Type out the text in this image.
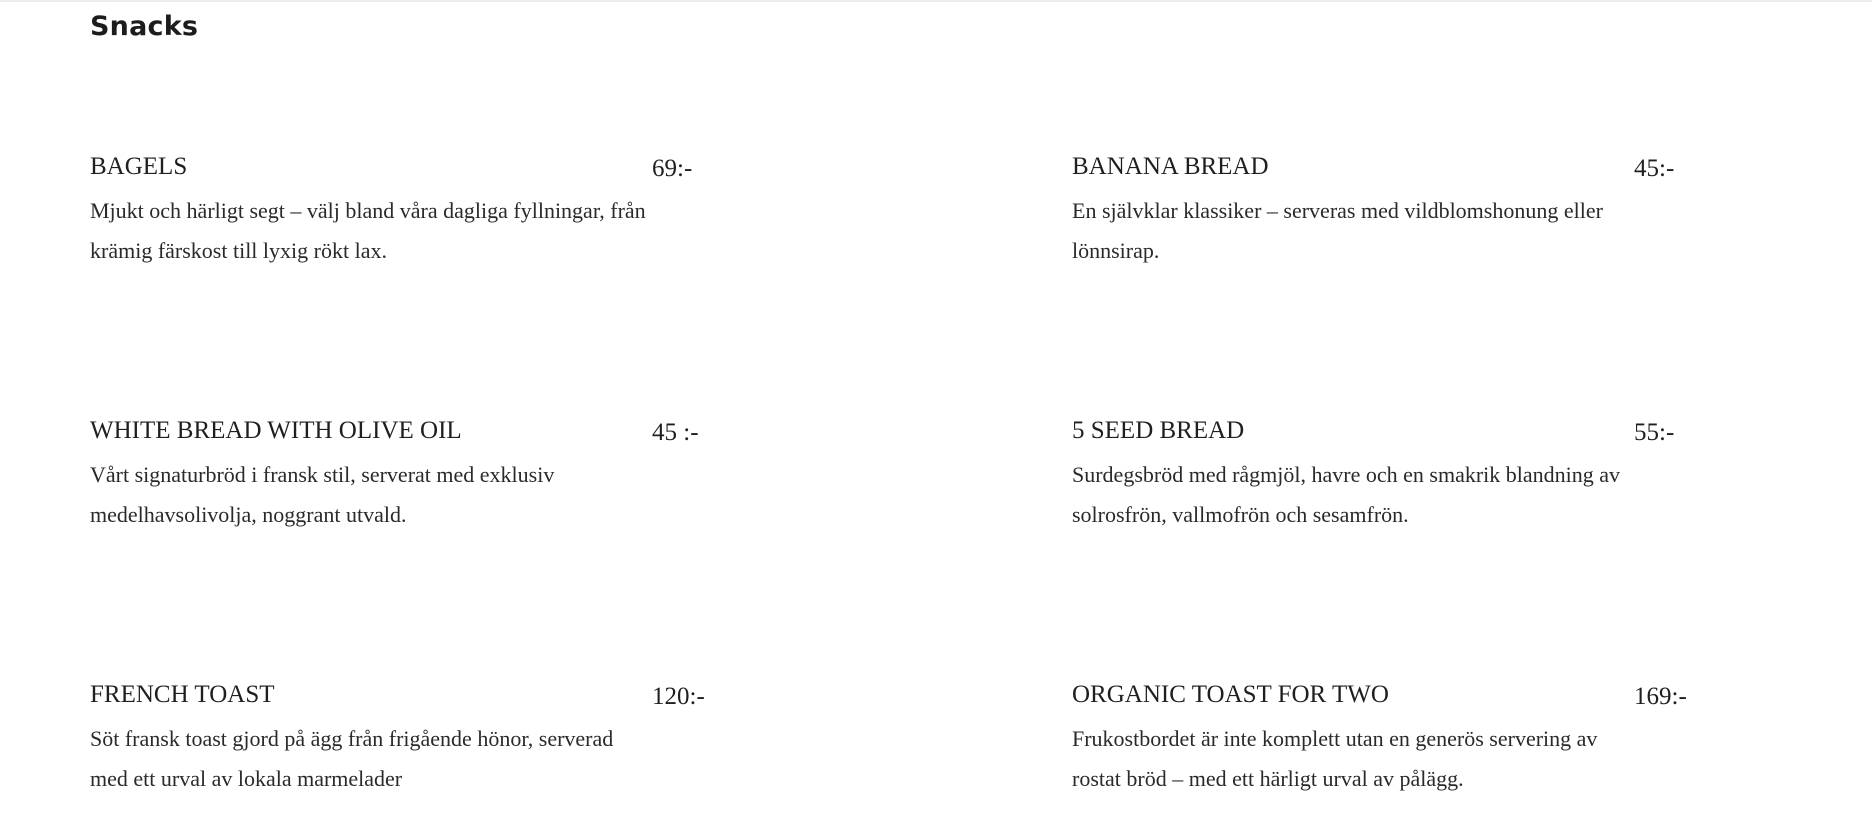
Snacks
BAGELS	69:-
Mjukt och härligt segt – välj bland våra dagliga fyllningar, från krämig färskost till lyxig rökt lax.
BANANA BREAD	45:-
En självklar klassiker – serveras med vildblomshonung eller lönnsirap.
WHITE BREAD WITH OLIVE OIL	45 :-
Vårt signaturbröd i fransk stil, serverat med exklusiv medelhavsolivolja, noggrant utvald.
5 SEED BREAD	55:-
Surdegsbröd med rågmjöl, havre och en smakrik blandning av solrosfrön, vallmofrön och sesamfrön.
FRENCH TOAST	120:-
Söt fransk toast gjord på ägg från frigående hönor, serverad med ett urval av lokala marmelader
ORGANIC TOAST FOR TWO	169:-
Frukostbordet är inte komplett utan en generös servering av rostat bröd – med ett härligt urval av pålägg.
